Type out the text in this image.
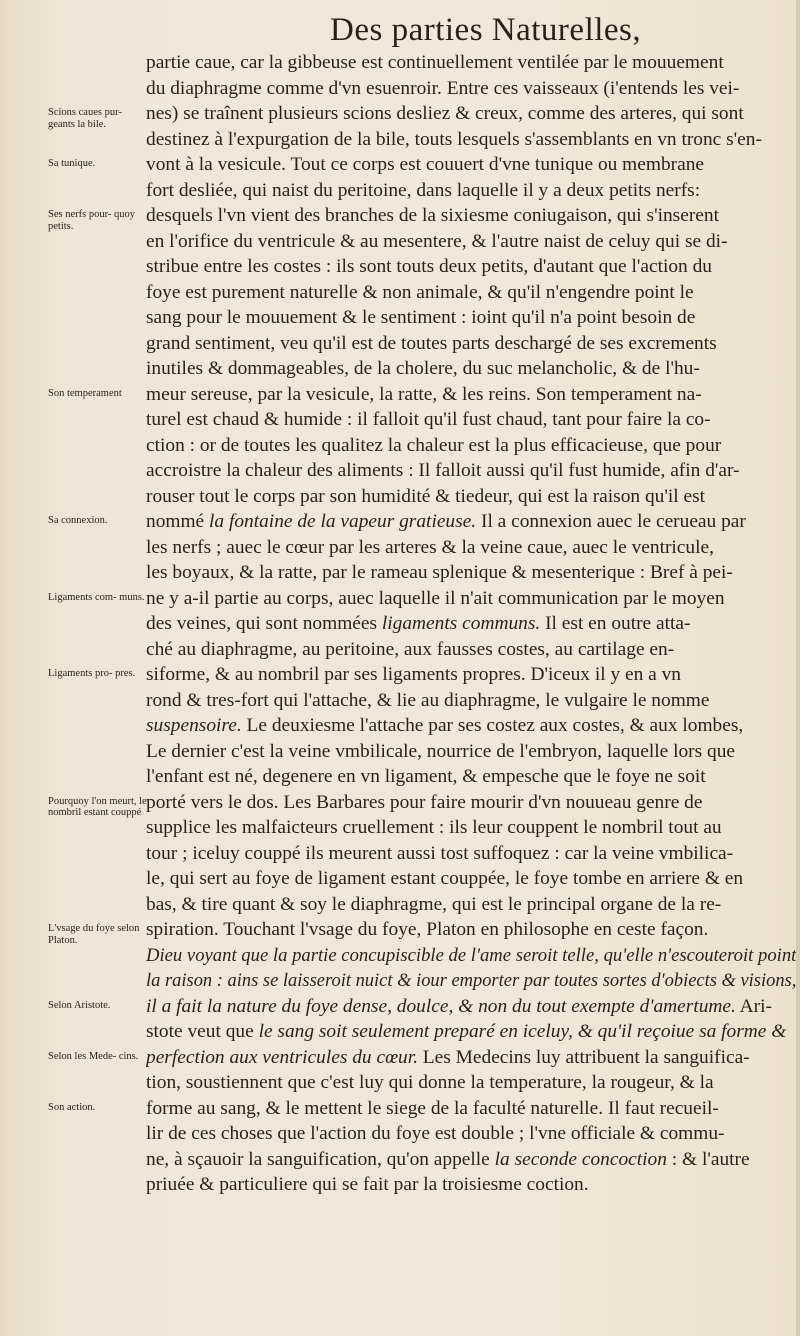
Des parties Naturelles,
partie caue, car la gibbeuse est continuellement ventilée par le mouuement
du diaphragme comme d'vn esuenroir. Entre ces vaisseaux (i'entends les vei-
nes) se traînent plusieurs scions desliez & creux, comme des arteres, qui sont
destinez à l'expurgation de la bile, touts lesquels s'assemblants en vn tronc s'en-
vont à la vesicule. Tout ce corps est couuert d'vne tunique ou membrane
fort desliée, qui naist du peritoine, dans laquelle il y a deux petits nerfs:
desquels l'vn vient des branches de la sixiesme coniugaison, qui s'inserent
en l'orifice du ventricule & au mesentere, & l'autre naist de celuy qui se di-
stribue entre les costes : ils sont touts deux petits, d'autant que l'action du
foye est purement naturelle & non animale, & qu'il n'engendre point le
sang pour le mouuement & le sentiment : ioint qu'il n'a point besoin de
grand sentiment, veu qu'il est de toutes parts deschargé de ses excrements
inutiles & dommageables, de la cholere, du suc melancholic, & de l'hu-
meur sereuse, par la vesicule, la ratte, & les reins. Son temperament na-
turel est chaud & humide : il falloit qu'il fust chaud, tant pour faire la co-
ction : or de toutes les qualitez la chaleur est la plus efficacieuse, que pour
accroistre la chaleur des aliments : Il falloit aussi qu'il fust humide, afin d'ar-
rouser tout le corps par son humidité & tiedeur, qui est la raison qu'il est
nommé la fontaine de la vapeur gratieuse. Il a connexion auec le cerueau par
les nerfs ; auec le cœur par les arteres & la veine caue, auec le ventricule,
les boyaux, & la ratte, par le rameau splenique & mesenterique : Bref à pei-
ne y a-il partie au corps, auec laquelle il n'ait communication par le moyen
des veines, qui sont nommées ligaments communs. Il est en outre atta-
ché au diaphragme, au peritoine, aux fausses costes, au cartilage en-
siforme, & au nombril par ses ligaments propres. D'iceux il y en a vn
rond & tres-fort qui l'attache, & lie au diaphragme, le vulgaire le nomme
suspensoire. Le deuxiesme l'attache par ses costez aux costes, & aux lombes,
Le dernier c'est la veine vmbilicale, nourrice de l'embryon, laquelle lors que
l'enfant est né, degenere en vn ligament, & empesche que le foye ne soit
porté vers le dos. Les Barbares pour faire mourir d'vn nouueau genre de
supplice les malfaicteurs cruellement : ils leur couppent le nombril tout au
tour ; iceluy couppé ils meurent aussi tost suffoquez : car la veine vmbilica-
le, qui sert au foye de ligament estant couppée, le foye tombe en arriere & en
bas, & tire quant & soy le diaphragme, qui est le principal organe de la re-
spiration. Touchant l'vsage du foye, Platon en philosophe en ceste façon.
Dieu voyant que la partie concupiscible de l'ame seroit telle, qu'elle n'escouteroit point
la raison : ains se laisseroit nuict & iour emporter par toutes sortes d'obiects & visions,
il a fait la nature du foye dense, doulce, & non du tout exempte d'amertume. Ari-
stote veut que le sang soit seulement preparé en iceluy, & qu'il reçoiue sa forme &
perfection aux ventricules du cœur. Les Medecins luy attribuent la sanguifica-
tion, soustiennent que c'est luy qui donne la temperature, la rougeur, & la
forme au sang, & le mettent le siege de la faculté naturelle. Il faut recueil-
lir de ces choses que l'action du foye est double ; l'vne officiale & commu-
ne, à sçauoir la sanguification, qu'on appelle la seconde concoction : & l'autre
priuée & particuliere qui se fait par la troisiesme coction.
Scions caues pur- geants la bile.
Sa tunique.
Ses nerfs pour- quoy petits.
Son temperament
Sa connexion.
Ligaments com- muns.
Ligaments pro- pres.
Pourquoy l'on meurt, le nombril estant couppé
L'vsage du foye selon Platon.
Selon Aristote.
Selon les Mede- cins.
Son action.
